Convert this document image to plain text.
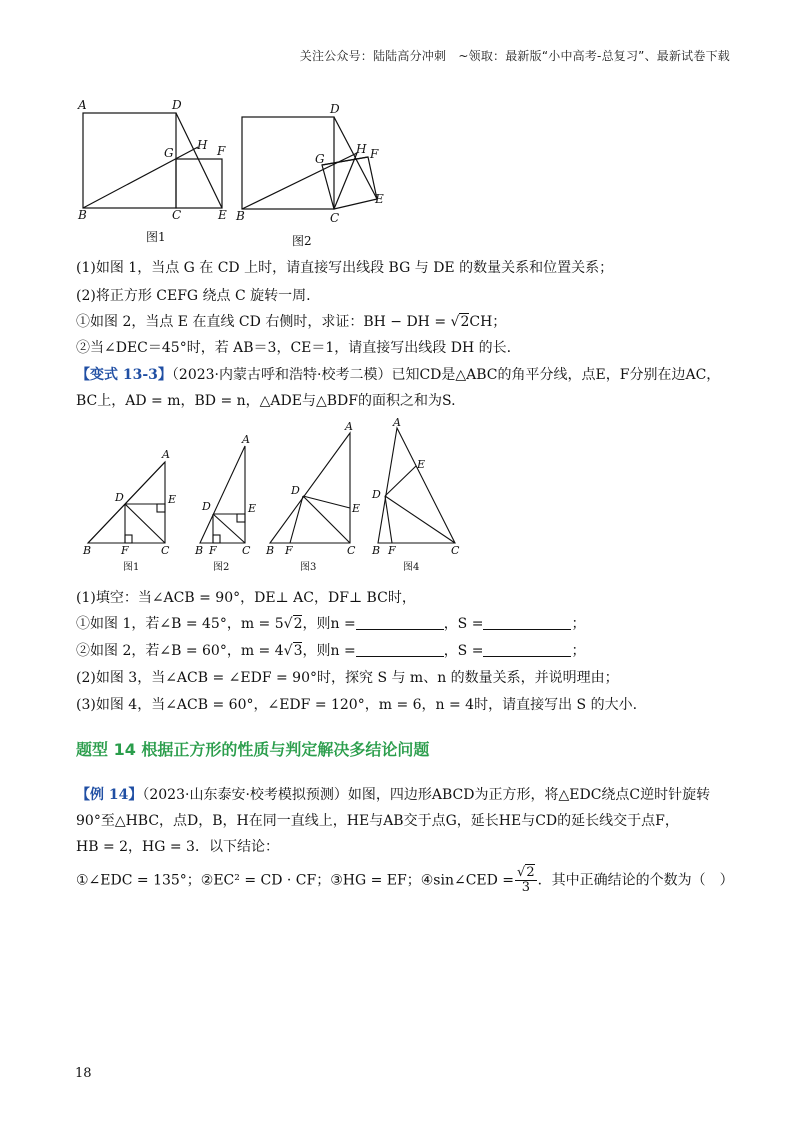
关注公众号：陆陆高分冲刺　~领取：最新版“小中高考-总复习”、最新试卷下载
A	D
G
H F
B	C	E
D
G
H F
B	C
E
图1	图2
(1)如图 1，当点 G 在 CD 上时，请直接写出线段 BG 与 DE 的数量关系和位置关系；
(2)将正方形 CEFG 绕点 C 旋转一周.
①如图 2，当点 E 在直线 CD 右侧时，求证：BH − DH = √2CH；
②当∠DEC＝45°时，若 AB＝3，CE＝1，请直接写出线段 DH 的长.
【变式 13-3】（2023·内蒙古呼和浩特·校考二模）已知CD是△ABC的角平分线，点E，F分别在边AC，
BC上，AD = m，BD = n，△ADE与△BDF的面积之和为S.
A
D	E
B	F	C
A
D	E
B F C
A
D
E
B F	C
A
D
E
B F	C
图1	图2	图3	图4
(1)填空：当∠ACB = 90°，DE⊥ AC，DF⊥ BC时，
①如图 1，若∠B = 45°，m = 5√2，则n =	，S =	；
②如图 2，若∠B = 60°，m = 4√3，则n =	，S =	；
(2)如图 3，当∠ACB = ∠EDF = 90°时，探究 S 与 m、n 的数量关系，并说明理由；
(3)如图 4，当∠ACB = 60°，∠EDF = 120°，m = 6，n = 4时，请直接写出 S 的大小.
题型 14 根据正方形的性质与判定解决多结论问题
【例 14】（2023·山东泰安·校考模拟预测）如图，四边形ABCD为正方形，将△EDC绕点C逆时针旋转
90°至△HBC，点D，B，H在同一直线上，HE与AB交于点G，延长HE与CD的延长线交于点F，
HB = 2，HG = 3．以下结论：
①∠EDC = 135°；②EC² = CD · CF；③HG = EF；④sin∠CED = $\frac{√2}{3}$ ．其中正确结论的个数为（　）
18
